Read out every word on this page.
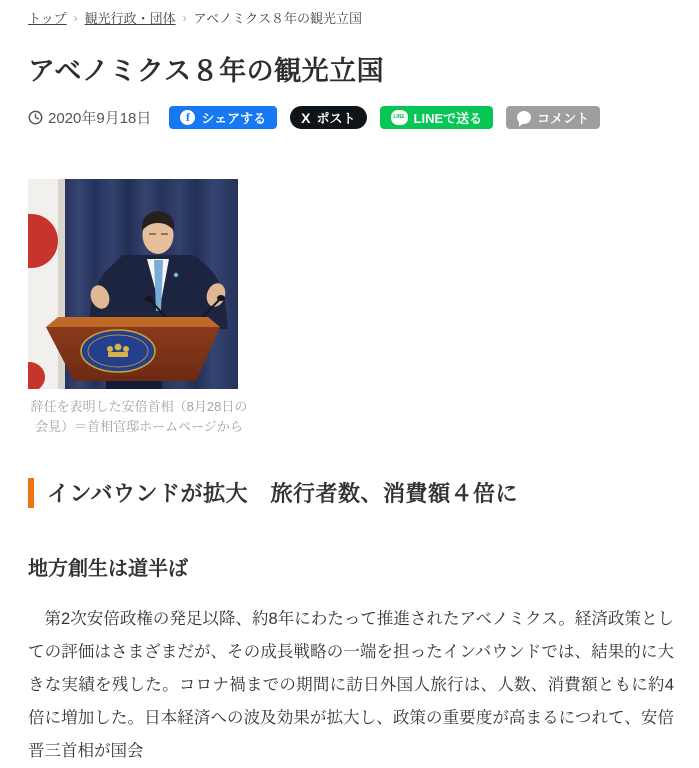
トップ › 観光行政・団体 › アベノミクス８年の観光立国
アベノミクス８年の観光立国
2020年9月18日	f シェアする	X ポスト	LINE LINEで送る	コメント

辞任を表明した安倍首相（8月28日の会見）＝首相官邸ホームページから

インバウンドが拡大　旅行者数、消費額４倍に
地方創生は道半ば

　第2次安倍政権の発足以降、約8年にわたって推進されたアベノミクス。経済政策としての評価はさまざまだが、その成長戦略の一端を担ったインバウンドでは、結果的に大きな実績を残した。コロナ禍までの期間に訪日外国人旅行は、人数、消費額ともに約4倍に増加した。日本経済への波及効果が拡大し、政策の重要度が高まるにつれて、安倍晋三首相が国会
